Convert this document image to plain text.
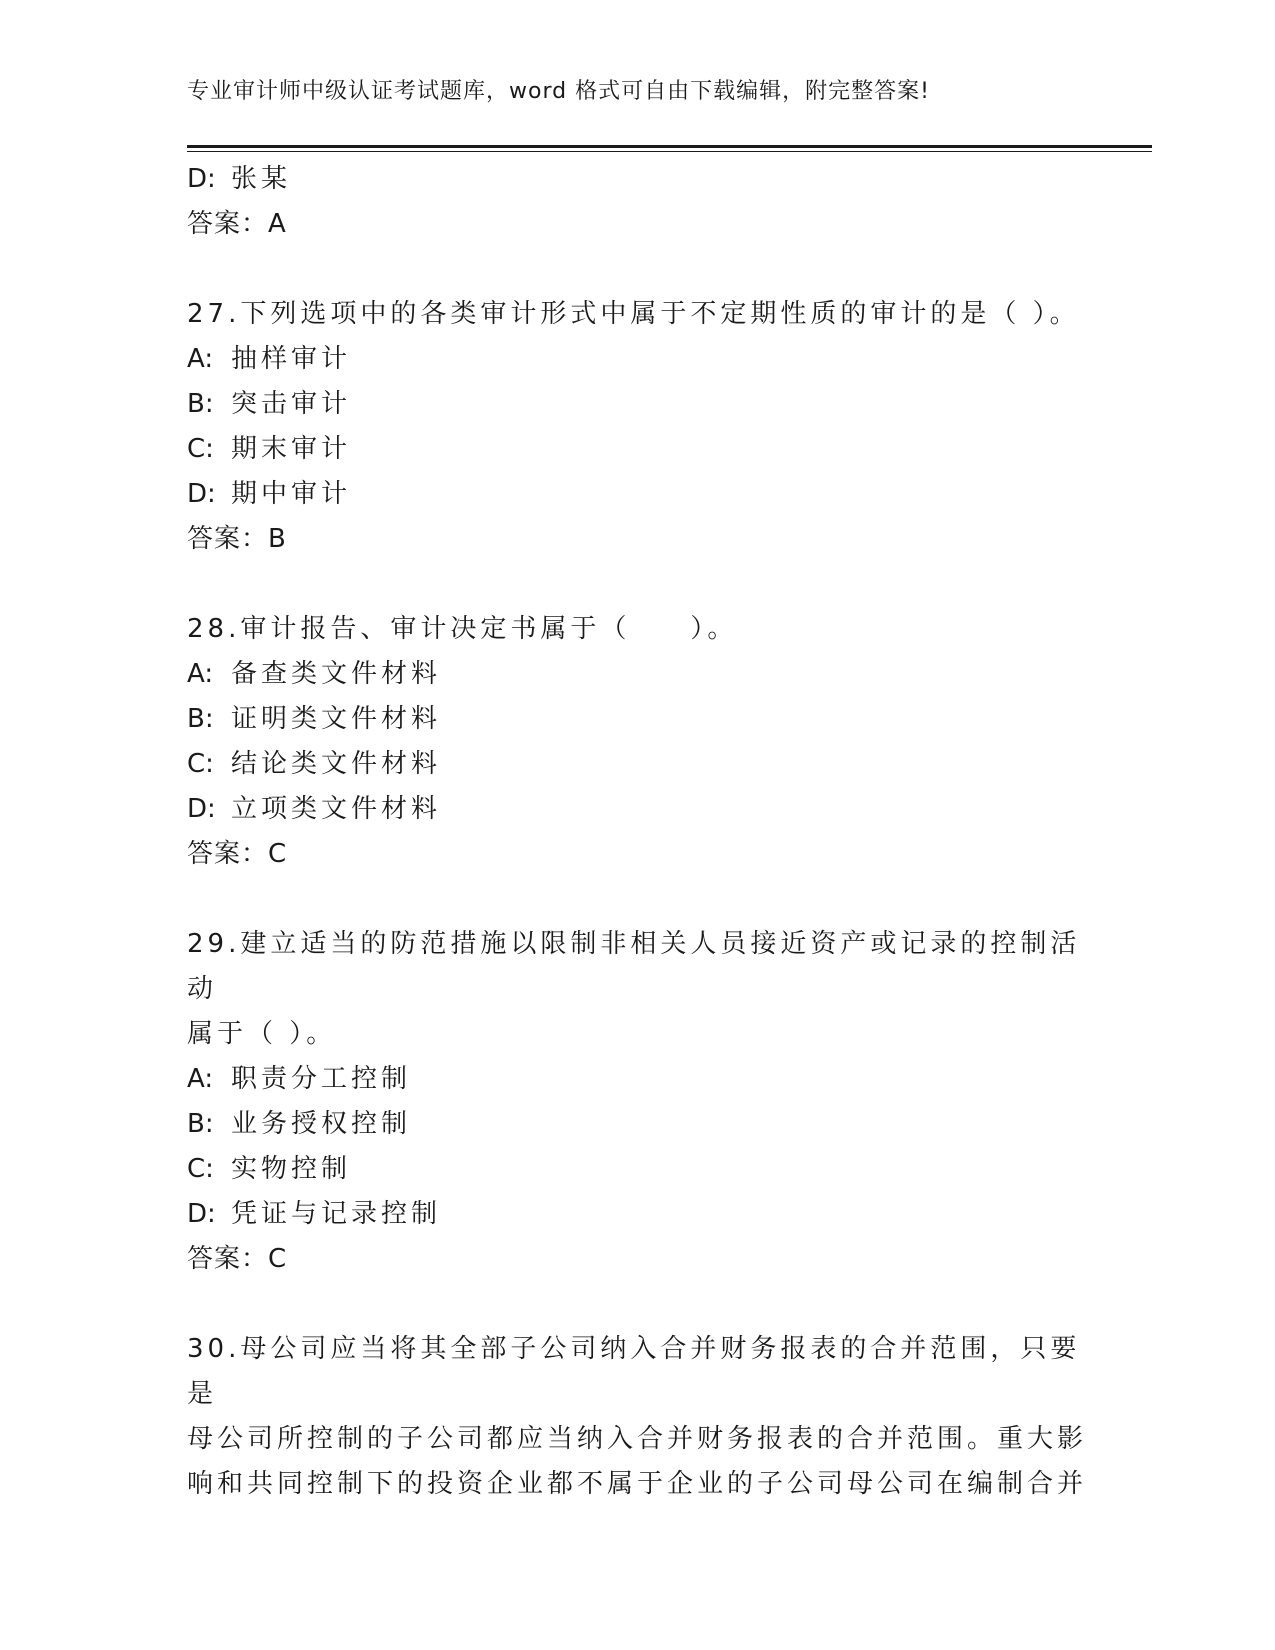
专业审计师中级认证考试题库，word 格式可自由下载编辑，附完整答案!
D: 张某
答案：A
27.下列选项中的各类审计形式中属于不定期性质的审计的是（ ）。
A: 抽样审计
B: 突击审计
C: 期末审计
D: 期中审计
答案：B
28.审计报告、审计决定书属于（　　）。
A: 备查类文件材料
B: 证明类文件材料
C: 结论类文件材料
D: 立项类文件材料
答案：C
29.建立适当的防范措施以限制非相关人员接近资产或记录的控制活动
属于（ ）。
A: 职责分工控制
B: 业务授权控制
C: 实物控制
D: 凭证与记录控制
答案：C
30.母公司应当将其全部子公司纳入合并财务报表的合并范围，只要是
母公司所控制的子公司都应当纳入合并财务报表的合并范围。重大影
响和共同控制下的投资企业都不属于企业的子公司母公司在编制合并
